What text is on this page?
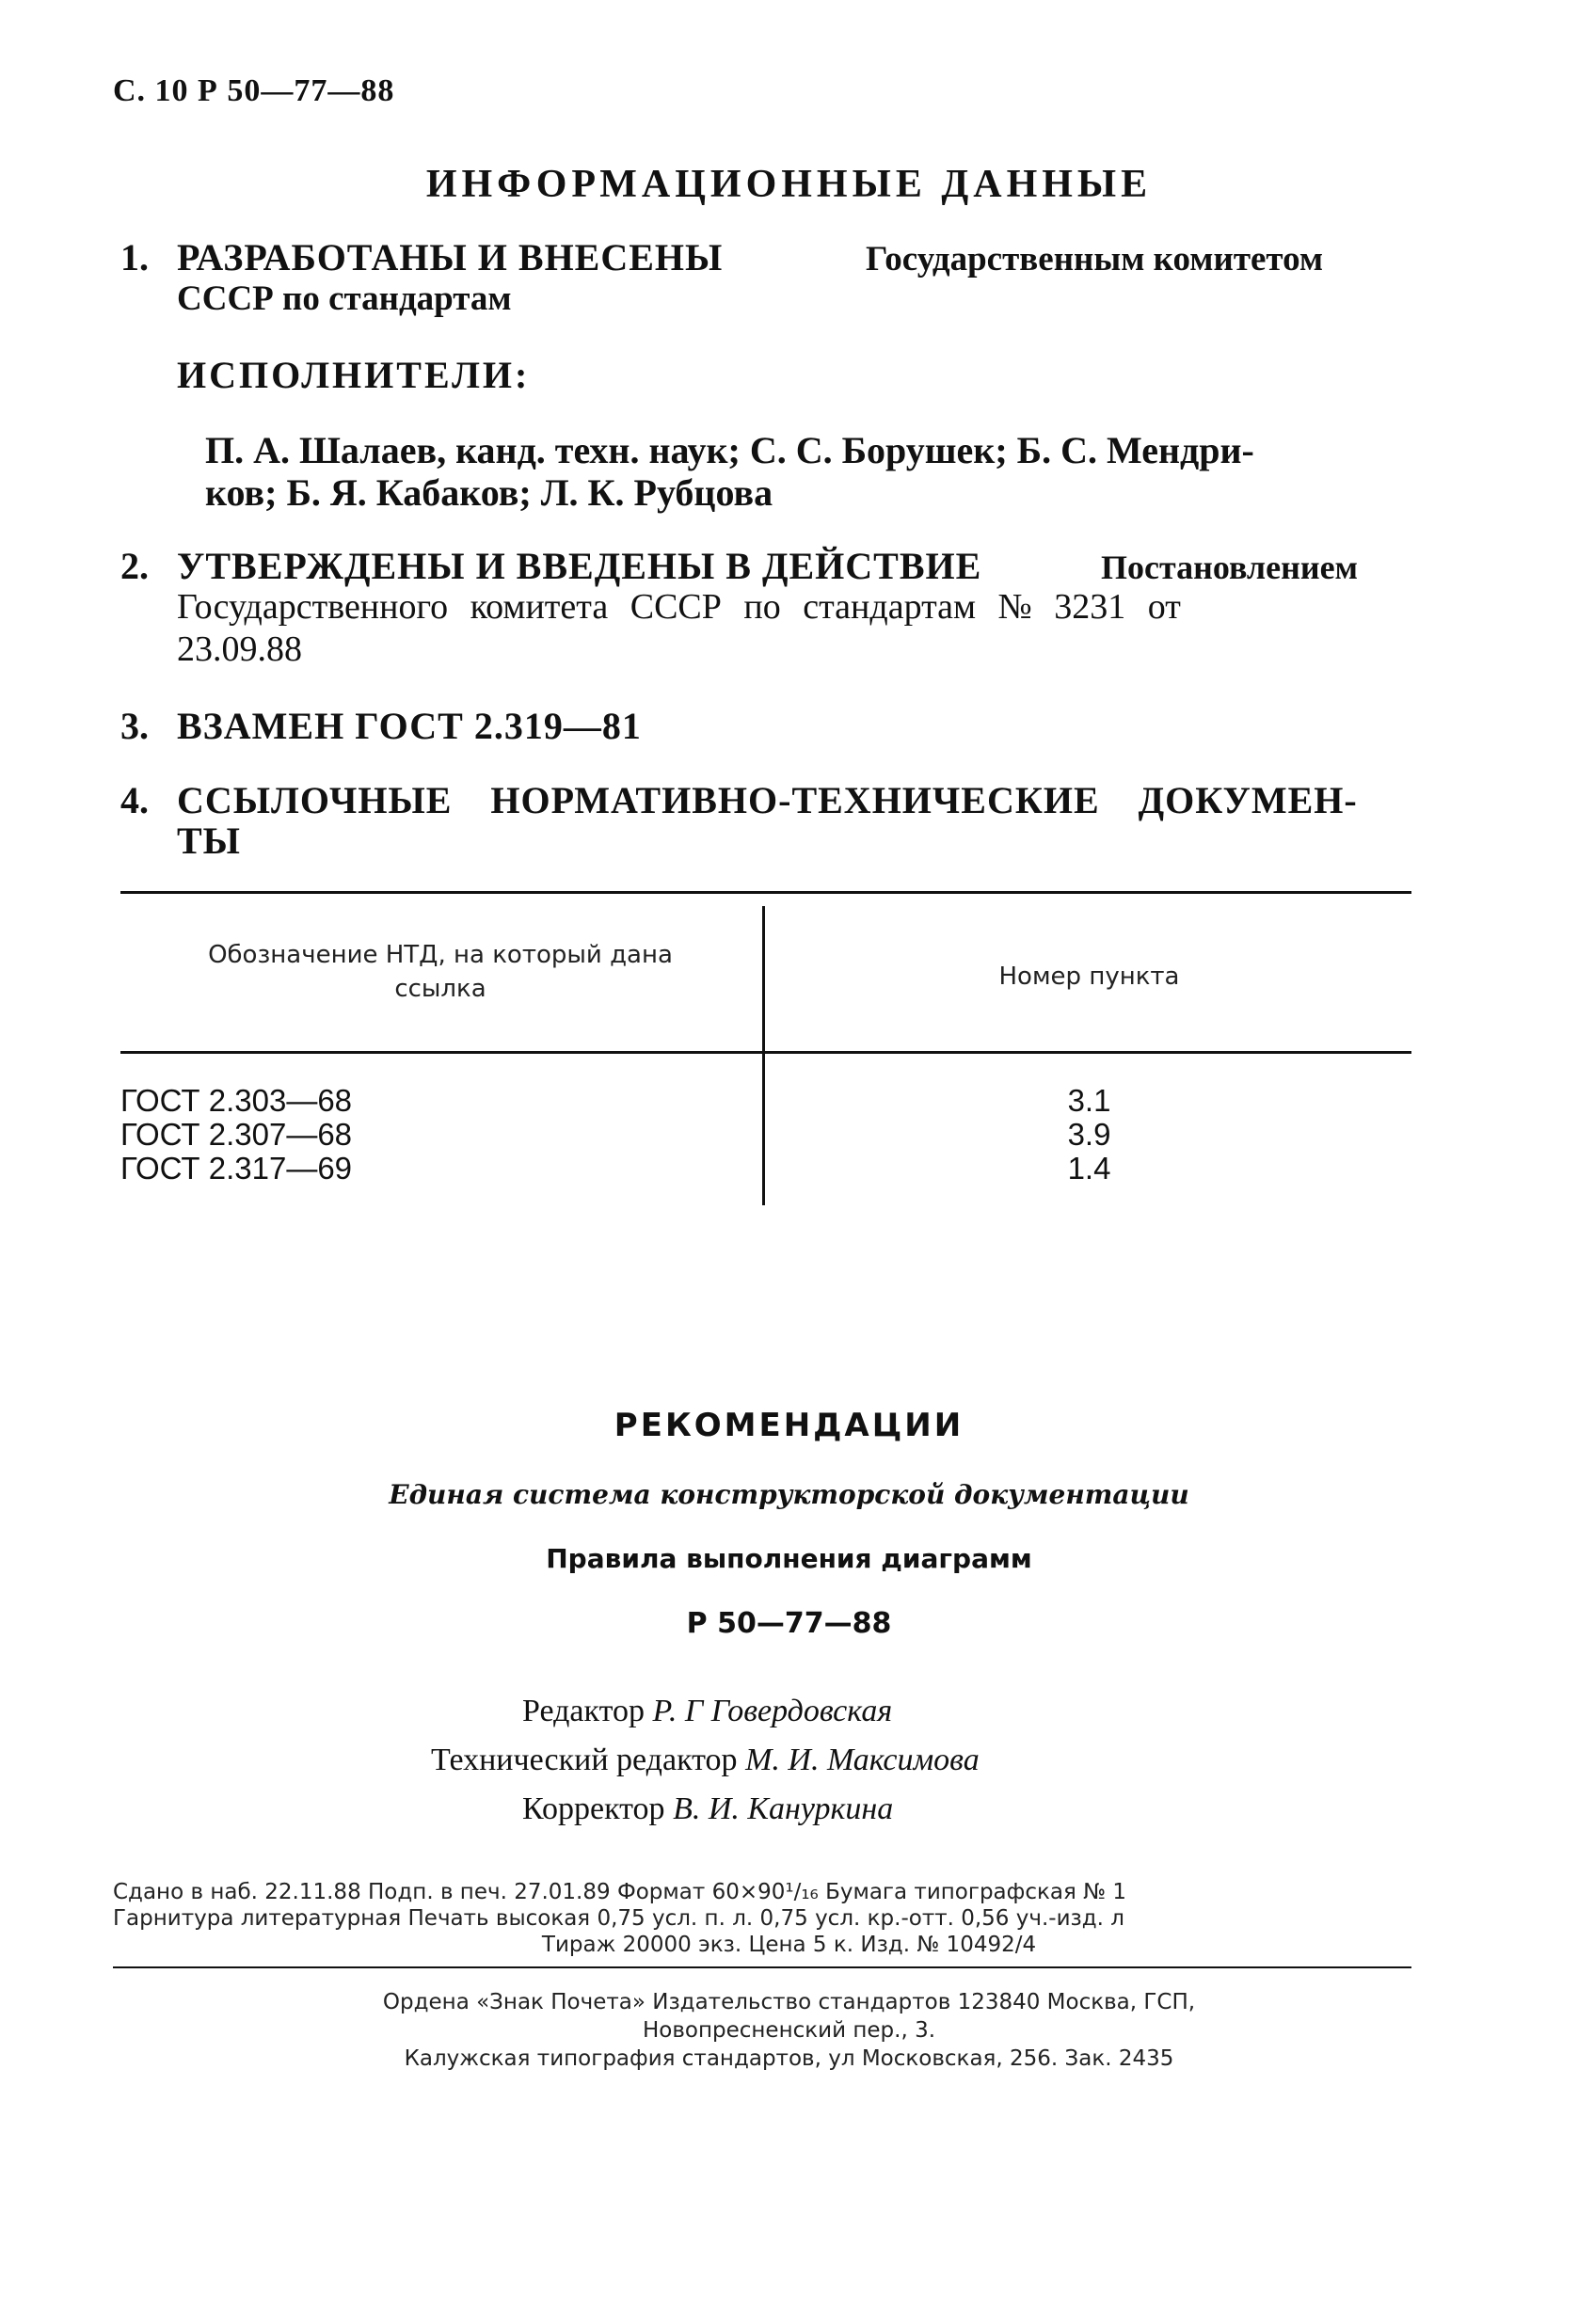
С. 10 Р 50—77—88
ИНФОРМАЦИОННЫЕ ДАННЫЕ
1. РАЗРАБОТАНЫ И ВНЕСЕНЫ	Государственным комитетом
СССР по стандартам
ИСПОЛНИТЕЛИ:
П. А. Шалаев, канд. техн. наук; С. С. Борушек; Б. С. Мендри-
ков; Б. Я. Кабаков; Л. К. Рубцова
2. УТВЕРЖДЕНЫ И ВВЕДЕНЫ В ДЕЙСТВИЕ	Постановлением
Государственного комитета СССР по стандартам № 3231 от
23.09.88
3. ВЗАМЕН ГОСТ 2.319—81
4. ССЫЛОЧНЫЕ НОРМАТИВНО-ТЕХНИЧЕСКИЕ ДОКУМЕН-
ТЫ
Обозначение НТД, на который дана
ссылка	Номер пункта
ГОСТ 2.303—68	3.1
ГОСТ 2.307—68	3.9
ГОСТ 2.317—69	1.4
РЕКОМЕНДАЦИИ
Единая система конструкторской документации
Правила выполнения диаграмм
Р 50—77—88
Редактор Р. Г Говердовская
Технический редактор М. И. Максимова
Корректор В. И. Кануркина
Сдано в наб. 22.11.88 Подп. в печ. 27.01.89 Формат 60×90¹/₁₆ Бумага типографская № 1
Гарнитура литературная Печать высокая 0,75 усл. п. л. 0,75 усл. кр.-отт. 0,56 уч.-изд. л
Тираж 20000 экз. Цена 5 к. Изд. № 10492/4
Ордена «Знак Почета» Издательство стандартов 123840 Москва, ГСП,
Новопресненский пер., 3.
Калужская типография стандартов, ул Московская, 256. Зак. 2435
